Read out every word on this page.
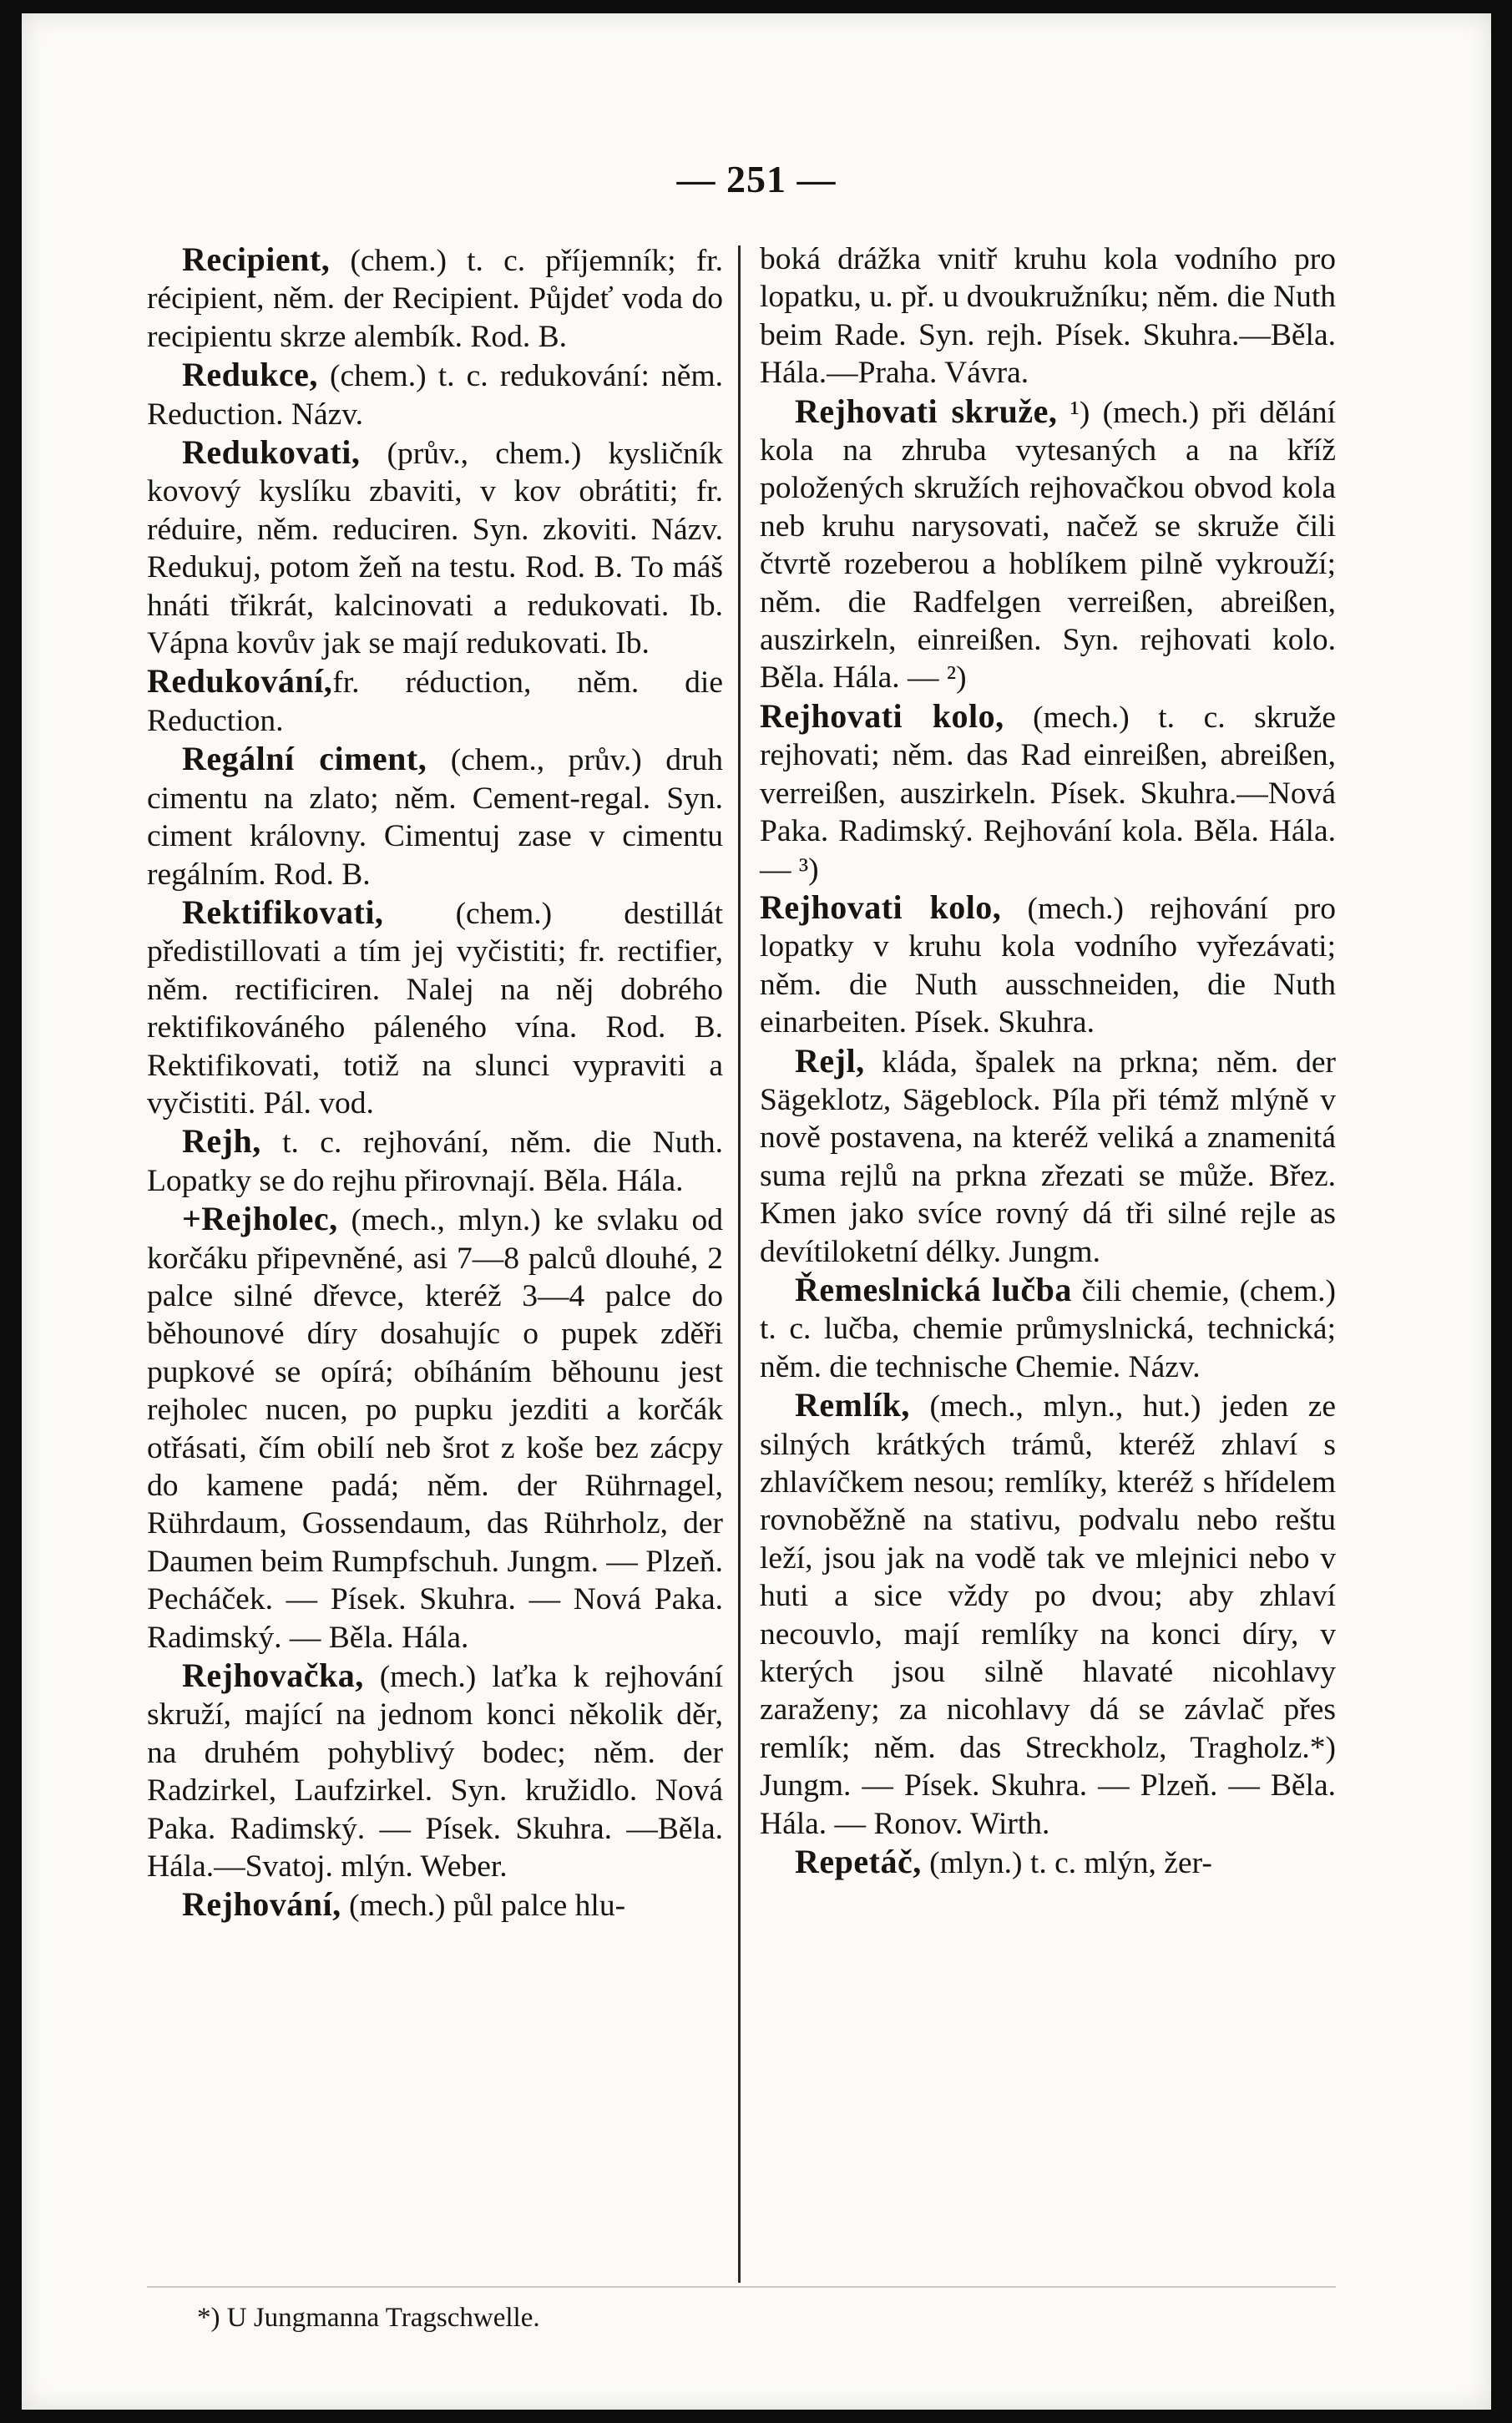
— 251 —

Recipient, (chem.) t. c. příjemník; fr. récipient, něm. der Recipient. Půjdeť voda do recipientu skrze alembík. Rod. B.

Redukce, (chem.) t. c. redukování: něm. Reduction. Názv.

Redukovati, (prův., chem.) kysličník kovový kyslíku zbaviti, v kov obrátiti; fr. réduire, něm. reduciren. Syn. zkoviti. Názv. Redukuj, potom žeň na testu. Rod. B. To máš hnáti třikrát, kalcinovati a redukovati. Ib. Vápna kovův jak se mají redukovati. Ib.

Redukování,fr. réduction, něm. die Reduction.

Regální ciment, (chem., prův.) druh cimentu na zlato; něm. Cement-regal. Syn. ciment královny. Cimentuj zase v cimentu regálním. Rod. B.

Rektifikovati, (chem.) destillát předistillovati a tím jej vyčistiti; fr. rectifier, něm. rectificiren. Nalej na něj dobrého rektifikováného páleného vína. Rod. B. Rektifikovati, totiž na slunci vypraviti a vyčistiti. Pál. vod.

Rejh, t. c. rejhování, něm. die Nuth. Lopatky se do rejhu přirovnají. Běla. Hála.

+Rejholec, (mech., mlyn.) ke svlaku od korčáku připevněné, asi 7—8 palců dlouhé, 2 palce silné dřevce, kteréž 3—4 palce do běhounové díry dosahujíc o pupek zděři pupkové se opírá; obíháním běhounu jest rejholec nucen, po pupku jezditi a korčák otřásati, čím obilí neb šrot z koše bez zácpy do kamene padá; něm. der Rührnagel, Rührdaum, Gossendaum, das Rührholz, der Daumen beim Rumpfschuh. Jungm. — Plzeň. Pecháček. — Písek. Skuhra. — Nová Paka. Radimský. — Běla. Hála.

Rejhovačka, (mech.) laťka k rejhování skruží, mající na jednom konci několik děr, na druhém pohyblivý bodec; něm. der Radzirkel, Laufzirkel. Syn. kružidlo. Nová Paka. Radimský. — Písek. Skuhra. —Běla. Hála.—Svatoj. mlýn. Weber.

Rejhování, (mech.) půl palce hlu-

boká drážka vnitř kruhu kola vodního pro lopatku, u. př. u dvoukružníku; něm. die Nuth beim Rade. Syn. rejh. Písek. Skuhra.—Běla. Hála.—Praha. Vávra.

Rejhovati skruže, ¹) (mech.) při dělání kola na zhruba vytesaných a na kříž položených skružích rejhovačkou obvod kola neb kruhu narysovati, načež se skruže čili čtvrtě rozeberou a hoblíkem pilně vykrouží; něm. die Radfelgen verreißen, abreißen, auszirkeln, einreißen. Syn. rejhovati kolo. Běla. Hála. — ²)

Rejhovati kolo, (mech.) t. c. skruže rejhovati; něm. das Rad einreißen, abreißen, verreißen, auszirkeln. Písek. Skuhra.—Nová Paka. Radimský. Rejhování kola. Běla. Hála. — ³)

Rejhovati kolo, (mech.) rejhování pro lopatky v kruhu kola vodního vyřezávati; něm. die Nuth ausschneiden, die Nuth einarbeiten. Písek. Skuhra.

Rejl, kláda, špalek na prkna; něm. der Sägeklotz, Sägeblock. Píla při témž mlýně v nově postavena, na kteréž veliká a znamenitá suma rejlů na prkna zřezati se může. Břez. Kmen jako svíce rovný dá tři silné rejle as devítiloketní délky. Jungm.

Řemeslnická lučba čili chemie, (chem.) t. c. lučba, chemie průmyslnická, technická; něm. die technische Chemie. Názv.

Remlík, (mech., mlyn., hut.) jeden ze silných krátkých trámů, kteréž zhlaví s zhlavíčkem nesou; remlíky, kteréž s hřídelem rovnoběžně na stativu, podvalu nebo reštu leží, jsou jak na vodě tak ve mlejnici nebo v huti a sice vždy po dvou; aby zhlaví necouvlo, mají remlíky na konci díry, v kterých jsou silně hlavaté nicohlavy zaraženy; za nicohlavy dá se závlač přes remlík; něm. das Streckholz, Tragholz.*) Jungm. — Písek. Skuhra. — Plzeň. — Běla. Hála. — Ronov. Wirth.

Repetáč, (mlyn.) t. c. mlýn, žer-

*) U Jungmanna Tragschwelle.
